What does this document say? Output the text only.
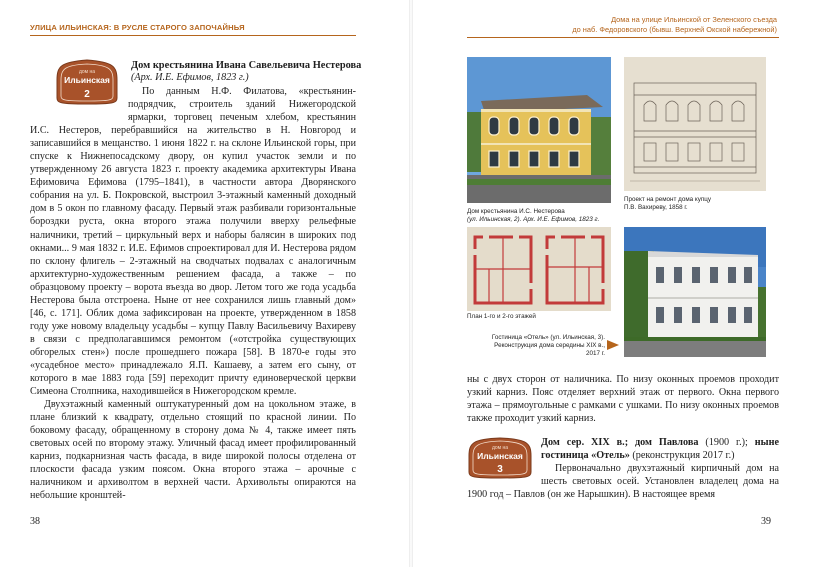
УЛИЦА ИЛЬИНСКАЯ: В РУСЛЕ СТАРОГО ЗАПОЧАЙНЬЯ
дом на
Ильинская
2
Дом крестьянина Ивана Савельевича Нестерова
(Арх. И.Е. Ефимов, 1823 г.)

По данным Н.Ф. Филатова, «крестьянин-подрядчик, строитель зданий Нижегородской ярмарки, торговец печеным хлебом, крестьянин И.С. Нестеров, перебравшийся на жительство в Н. Новгород и записавшийся в мещанство. 1 июня 1822 г. на склоне Ильинской горы, при спуске к Нижнепосадскому двору, он купил участок земли и по утвержденному 26 августа 1823 г. проекту академика архитектуры Ивана Ефимовича Ефимова (1795–1841), в частности автора Дворянского собрания на ул. Б. Покровской, выстроил 3-этажный каменный доходный дом в 5 окон по главному фасаду. Первый этаж разбивали горизонтальные бороздки руста, окна второго этажа получили вверху рельефные наличники, третий – циркульный верх и наборы балясин в широких под окнами... 9 мая 1832 г. И.Е. Ефимов спроектировал для И. Нестерова рядом по склону флигель – 2-этажный на сводчатых подвалах с аналогичным архитектурно-художественным решением фасада, а также – по образцовому проекту – ворота въезда во двор. Летом того же года усадьба Нестерова была отстроена. Ныне от нее сохранился лишь главный дом» [46, с. 171]. Облик дома зафиксирован на проекте, утвержденном в 1858 году уже новому владельцу усадьбы – купцу Павлу Васильевичу Вахиреву в связи с предполагавшимся ремонтом («отстройка существующих обгорелых стен») после прошедшего пожара [58]. В 1870-е годы это «усадебное место» принадлежало Я.П. Кашаеву, а затем его сыну, от которого в мае 1883 года [59] переходит причту единоверческой церкви Симеона Столпника, находившейся в Нижегородском кремле.

Двухэтажный каменный оштукатуренный дом на цокольном этаже, в плане близкий к квадрату, отдельно стоящий по красной линии. По боковому фасаду, обращенному в сторону дома № 4, также имеет пять световых осей по второму этажу. Уличный фасад имеет профилированный карниз, подкарнизная часть фасада, в виде широкой полосы отделена от плоскости фасада узким поясом. Окна второго этажа – арочные с наличником и архиволтом в верхней части. Архивольты опираются на небольшие кронштей-

38
Дома на улице Ильинской от Зеленского съезда
до наб. Федоровского (бывш. Верхней Окской набережной)
Дом крестьянина И.С. Нестерова
(ул. Ильинская, 2). Арх. И.Е. Ефимов, 1823 г.
Проект на ремонт дома купцу
П.В. Вахиреву, 1858 г.
План 1-го и 2-го этажей
Гостиница «Отель» (ул. Ильинская, 3).
Реконструкция дома середины XIX в.,
2017 г.
ны с двух сторон от наличника. По низу оконных проемов проходит узкий карниз. Пояс отделяет верхний этаж от первого. Окна первого этажа – прямоугольные с рамками с ушками. По низу оконных проемов также проходит узкий карниз.
дом на
Ильинская
3
Дом сер. XIX в.; дом Павлова (1900 г.); ныне гостиница «Отель» (реконструкция 2017 г.)

Первоначально двухэтажный кирпичный дом на шесть световых осей. Установлен владелец дома на 1900 год – Павлов (он же Нарышкин). В настоящее время

39
